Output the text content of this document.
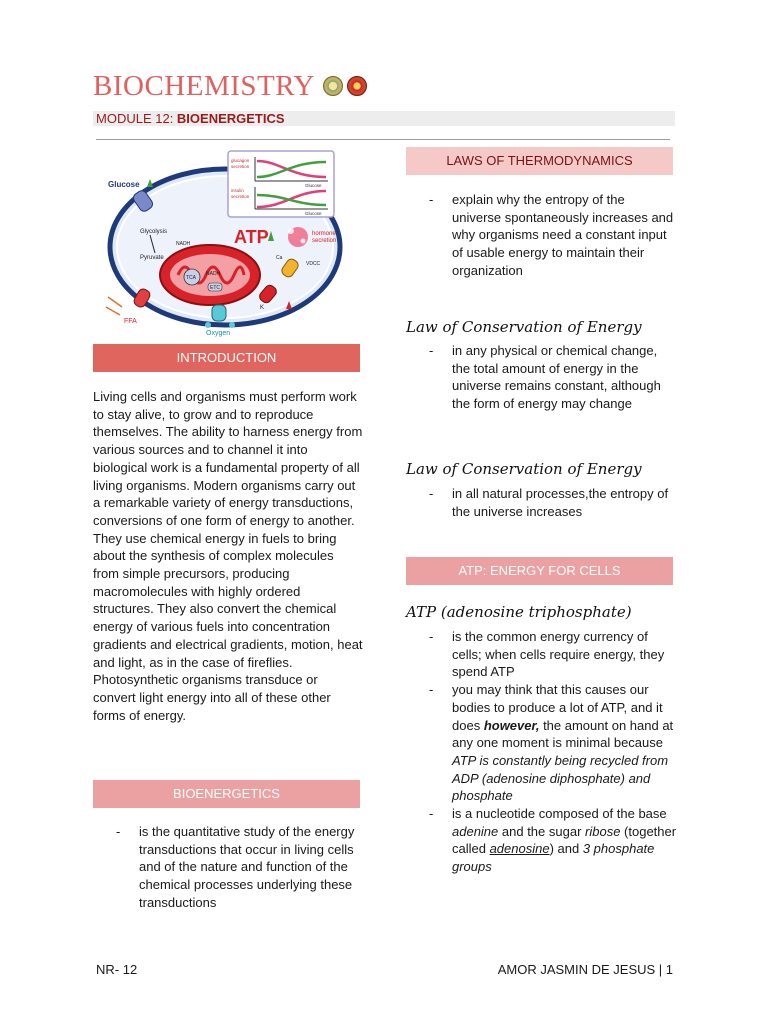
BIOCHEMISTRY
MODULE 12: BIOENERGETICS
glucagon
secretion
insulin
secretion
Glucose
Glucose
Glucose
Glycolysis
Pyruvate
TCA
NADH
ETC
NADH ATP	hormone
secretion
VDCC
Ca
K
FFA
Oxygen
INTRODUCTION
Living cells and organisms must perform work to stay alive, to grow and to reproduce themselves. The ability to harness energy from various sources and to channel it into biological work is a fundamental property of all living organisms. Modern organisms carry out a remarkable variety of energy transductions, conversions of one form of energy to another. They use chemical energy in fuels to bring about the synthesis of complex molecules from simple precursors, producing macromolecules with highly ordered structures. They also convert the chemical energy of various fuels into concentration gradients and electrical gradients, motion, heat and light, as in the case of fireflies. Photosynthetic organisms transduce or convert light energy into all of these other forms of energy.
BIOENERGETICS
- is the quantitative study of the energy transductions that occur in living cells and of the nature and function of the chemical processes underlying these transductions
LAWS OF THERMODYNAMICS
- explain why the entropy of the universe spontaneously increases and why organisms need a constant input of usable energy to maintain their organization
Law of Conservation of Energy
- in any physical or chemical change, the total amount of energy in the universe remains constant, although the form of energy may change
Law of Conservation of Energy
- in all natural processes,the entropy of the universe increases
ATP: ENERGY FOR CELLS
ATP (adenosine triphosphate)
- is the common energy currency of cells; when cells require energy, they spend ATP
- you may think that this causes our bodies to produce a lot of ATP, and it does however, the amount on hand at any one moment is minimal because ATP is constantly being recycled from ADP (adenosine diphosphate) and phosphate
- is a nucleotide composed of the base adenine and the sugar ribose (together called adenosine) and 3 phosphate groups
NR- 12	AMOR JASMIN DE JESUS | 1
